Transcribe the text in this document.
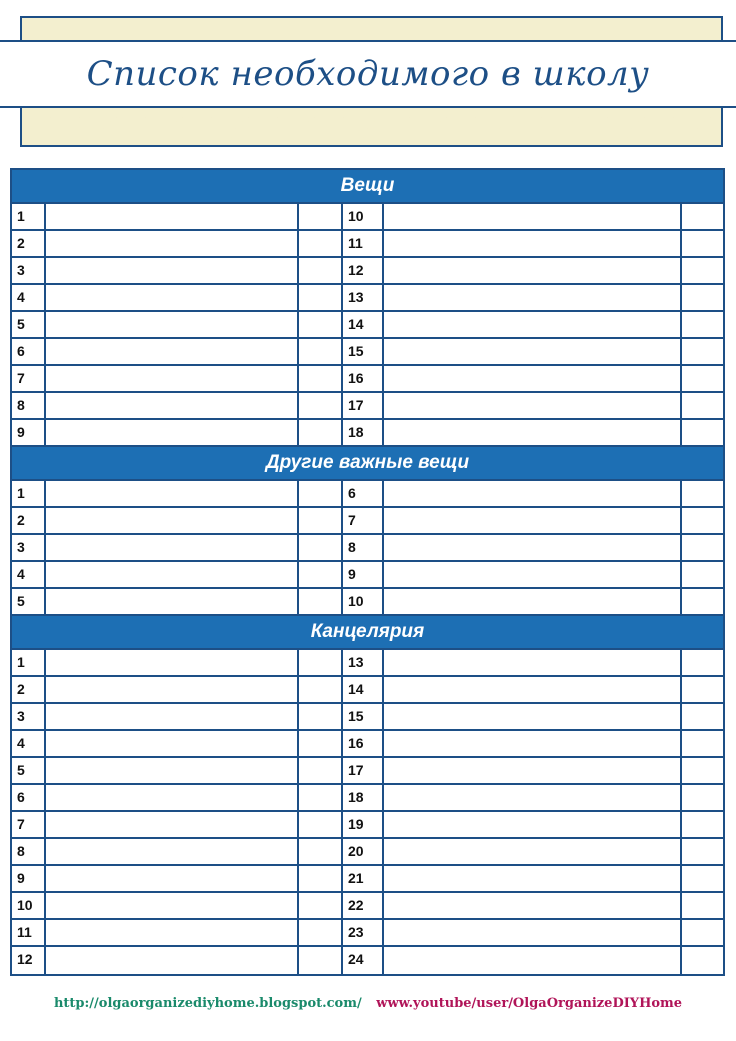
Список необходимого в школу
Вещи
1	10
2	11
3	12
4	13
5	14
6	15
7	16
8	17
9	18
Другие важные вещи
1	6
2	7
3	8
4	9
5	10
Канцелярия
1	13
2	14
3	15
4	16
5	17
6	18
7	19
8	20
9	21
10	22
11	23
12	24
http://olgaorganizediyhome.blogspot.com/ www.youtube/user/OlgaOrganizeDIYHome
